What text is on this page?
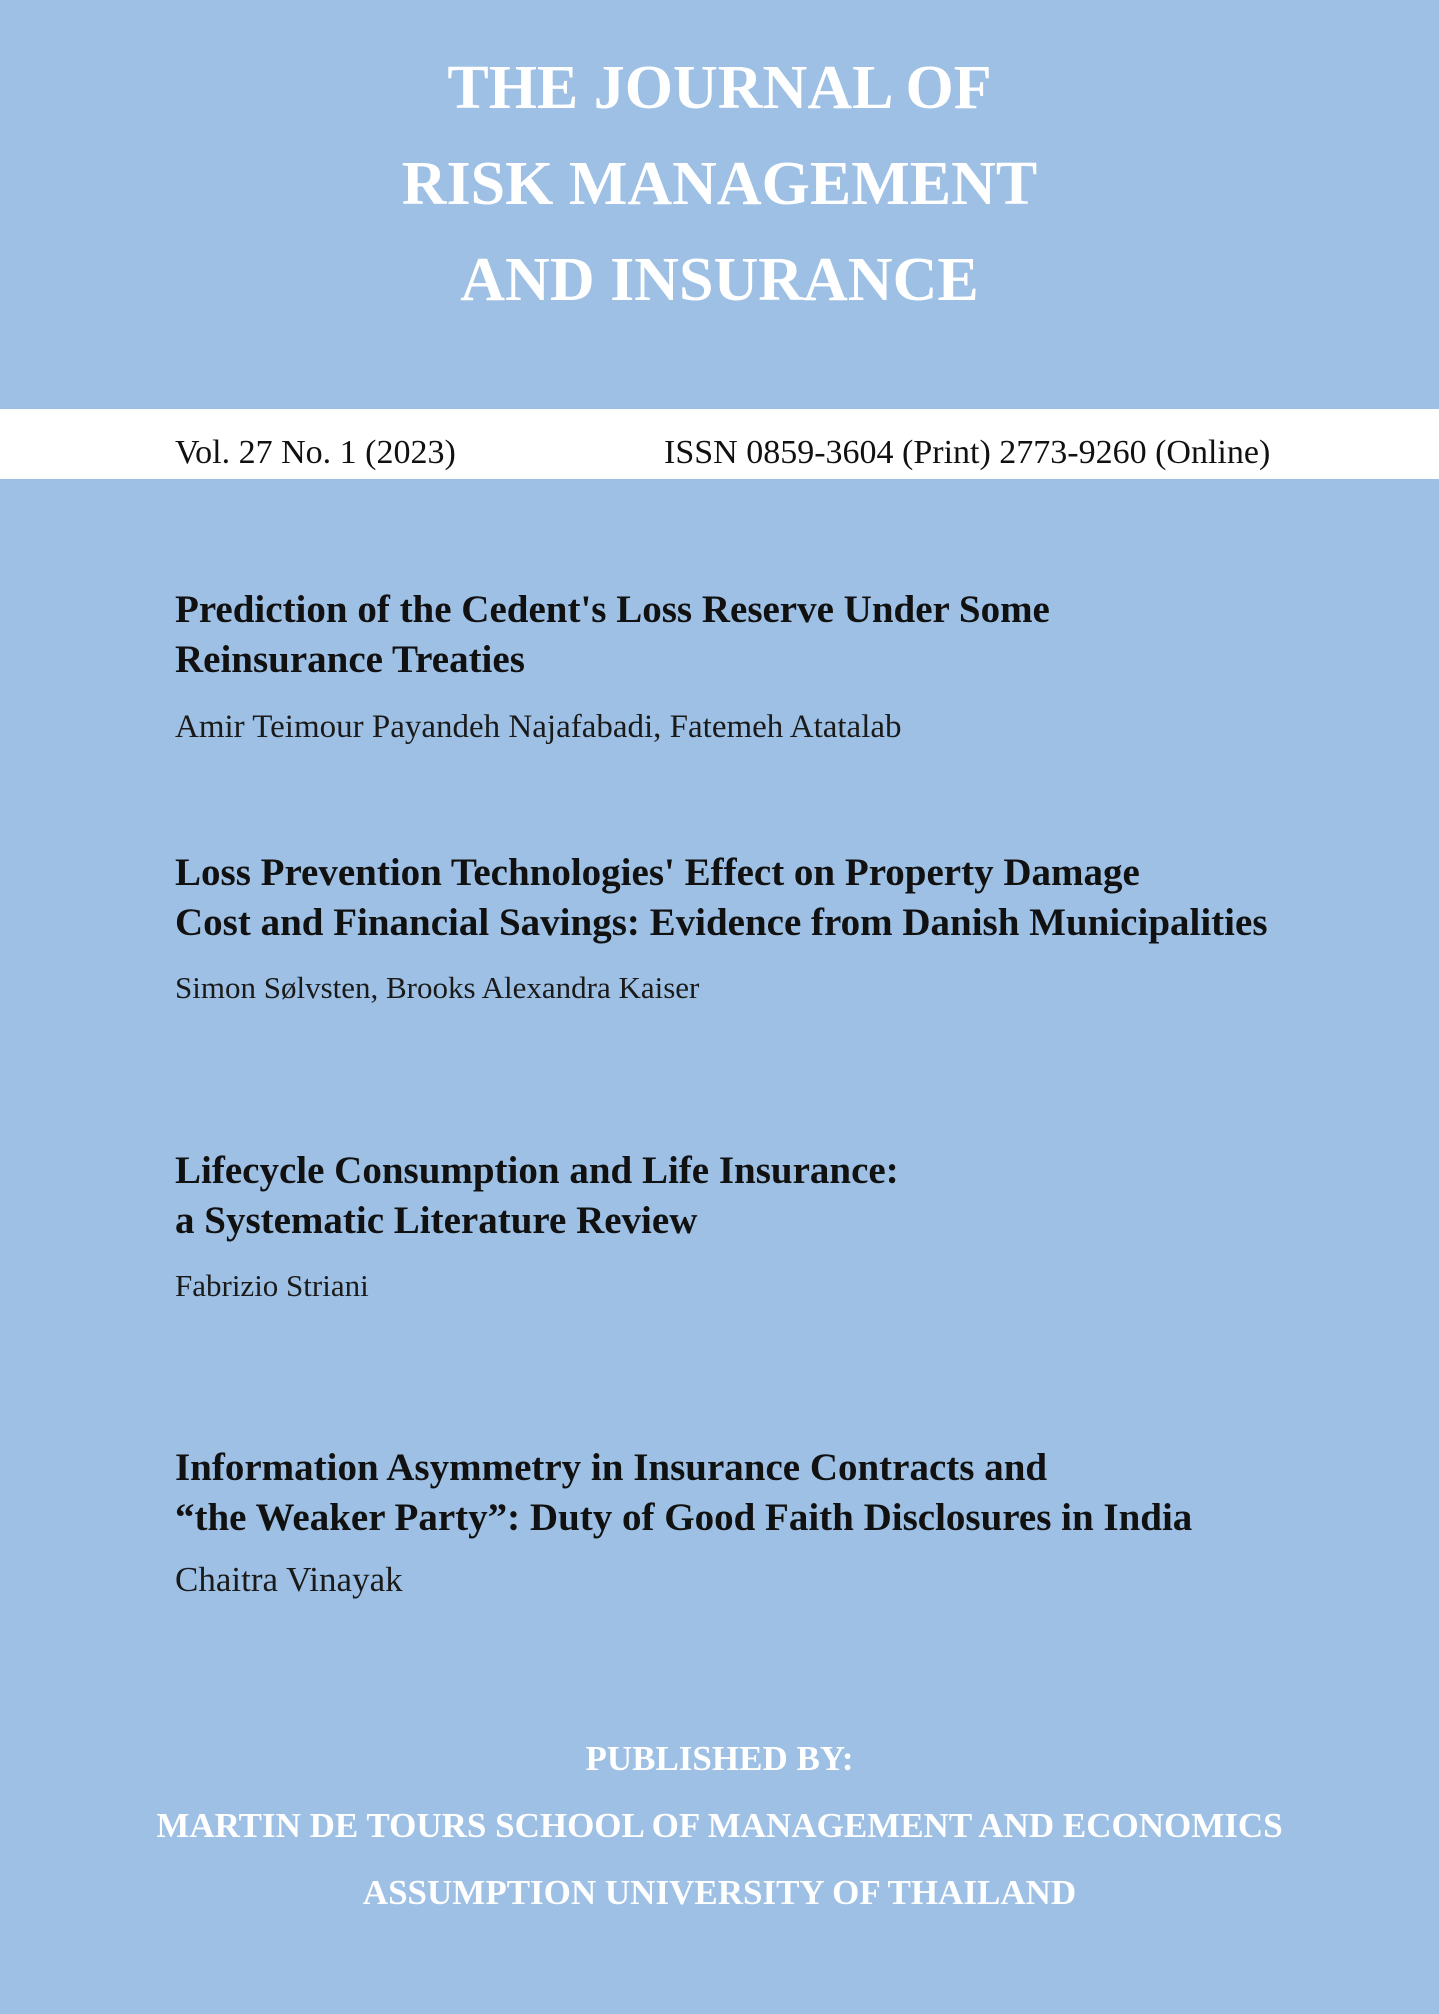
THE JOURNAL OF
RISK MANAGEMENT
AND INSURANCE
Vol. 27 No. 1 (2023)	ISSN 0859-3604 (Print) 2773-9260 (Online)
Prediction of the Cedent's Loss Reserve Under Some
Reinsurance Treaties
Amir Teimour Payandeh Najafabadi, Fatemeh Atatalab
Loss Prevention Technologies' Effect on Property Damage
Cost and Financial Savings: Evidence from Danish Municipalities
Simon Sølvsten, Brooks Alexandra Kaiser
Lifecycle Consumption and Life Insurance:
a Systematic Literature Review
Fabrizio Striani
Information Asymmetry in Insurance Contracts and
“the Weaker Party”: Duty of Good Faith Disclosures in India
Chaitra Vinayak
PUBLISHED BY:
MARTIN DE TOURS SCHOOL OF MANAGEMENT AND ECONOMICS
ASSUMPTION UNIVERSITY OF THAILAND
